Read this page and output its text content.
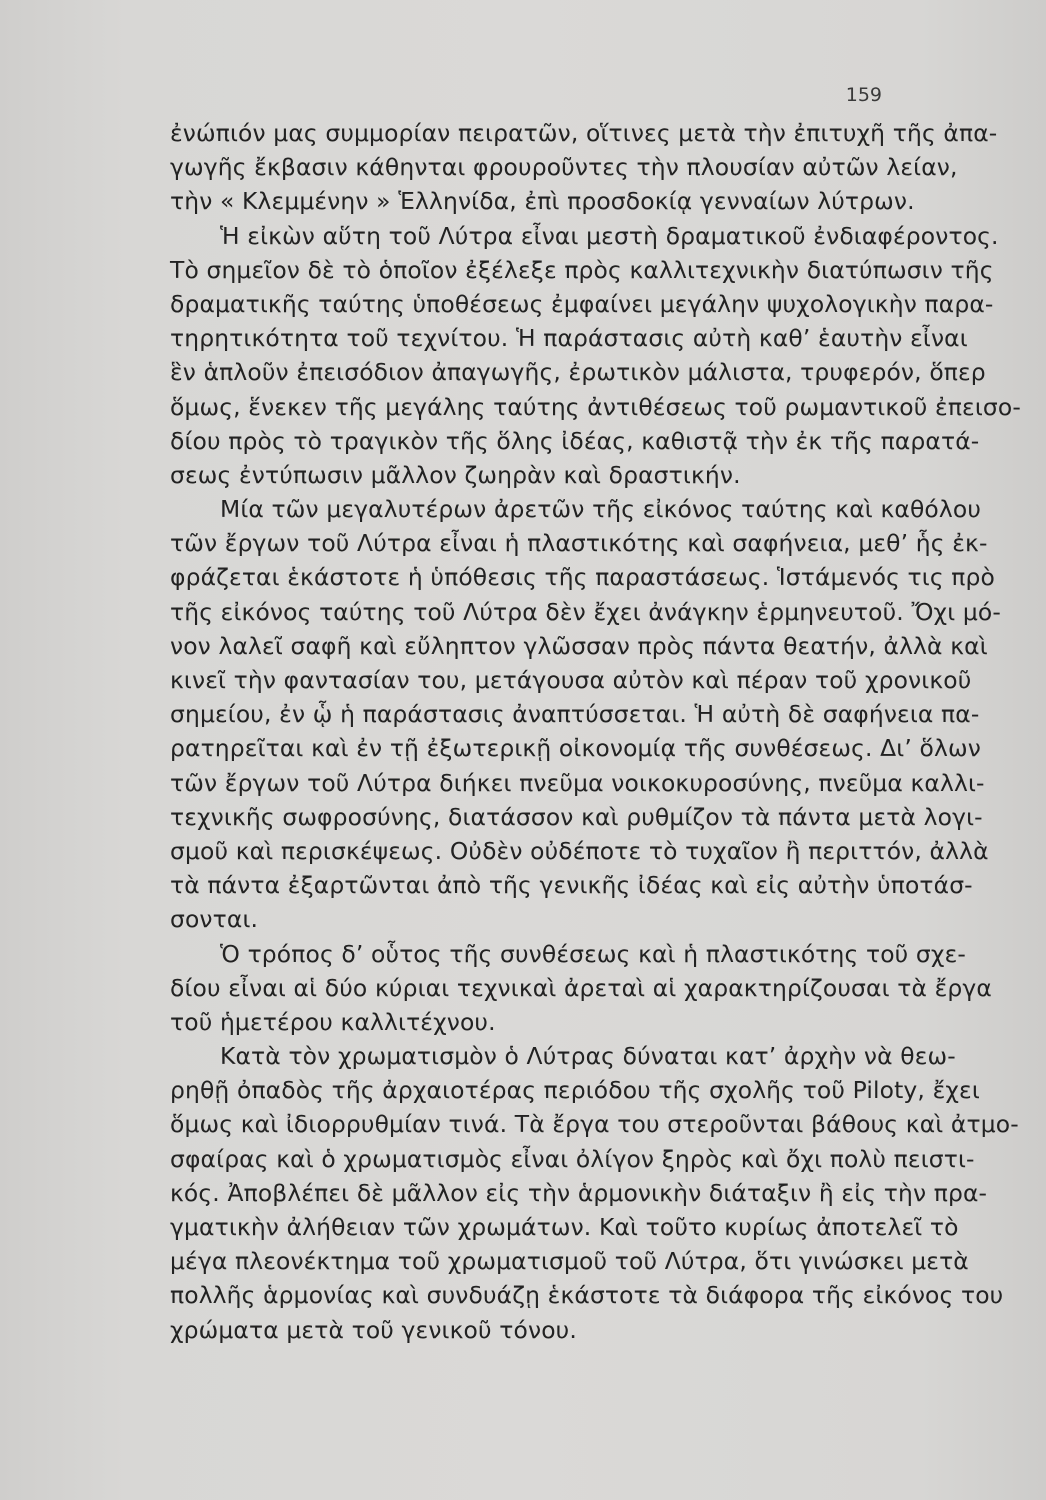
159
ἐνώπιόν μας συμμορίαν πειρατῶν, οἵτινες μετὰ τὴν ἐπιτυχῆ τῆς ἀπα-
γωγῆς ἔκβασιν κάθηνται φρουροῦντες τὴν πλουσίαν αὐτῶν λείαν,
τὴν « Κλεμμένην » Ἑλληνίδα, ἐπὶ προσδοκίᾳ γενναίων λύτρων.
Ἡ εἰκὼν αὕτη τοῦ Λύτρα εἶναι μεστὴ δραματικοῦ ἐνδιαφέροντος.
Τὸ σημεῖον δὲ τὸ ὁποῖον ἐξέλεξε πρὸς καλλιτεχνικὴν διατύπωσιν τῆς
δραματικῆς ταύτης ὑποθέσεως ἐμφαίνει μεγάλην ψυχολογικὴν παρα-
τηρητικότητα τοῦ τεχνίτου. Ἡ παράστασις αὐτὴ καθ’ ἑαυτὴν εἶναι
ἓν ἁπλοῦν ἐπεισόδιον ἀπαγωγῆς, ἐρωτικὸν μάλιστα, τρυφερόν, ὅπερ
ὅμως, ἕνεκεν τῆς μεγάλης ταύτης ἀντιθέσεως τοῦ ρωμαντικοῦ ἐπεισο-
δίου πρὸς τὸ τραγικὸν τῆς ὅλης ἰδέας, καθιστᾷ τὴν ἐκ τῆς παρατά-
σεως ἐντύπωσιν μᾶλλον ζωηρὰν καὶ δραστικήν.
Μία τῶν μεγαλυτέρων ἀρετῶν τῆς εἰκόνος ταύτης καὶ καθόλου
τῶν ἔργων τοῦ Λύτρα εἶναι ἡ πλαστικότης καὶ σαφήνεια, μεθ’ ἧς ἐκ-
φράζεται ἑκάστοτε ἡ ὑπόθεσις τῆς παραστάσεως. Ἱστάμενός τις πρὸ
τῆς εἰκόνος ταύτης τοῦ Λύτρα δὲν ἔχει ἀνάγκην ἑρμηνευτοῦ. Ὄχι μό-
νον λαλεῖ σαφῆ καὶ εὔληπτον γλῶσσαν πρὸς πάντα θεατήν, ἀλλὰ καὶ
κινεῖ τὴν φαντασίαν του, μετάγουσα αὐτὸν καὶ πέραν τοῦ χρονικοῦ
σημείου, ἐν ᾧ ἡ παράστασις ἀναπτύσσεται. Ἡ αὐτὴ δὲ σαφήνεια πα-
ρατηρεῖται καὶ ἐν τῇ ἐξωτερικῇ οἰκονομίᾳ τῆς συνθέσεως. Δι’ ὅλων
τῶν ἔργων τοῦ Λύτρα διήκει πνεῦμα νοικοκυροσύνης, πνεῦμα καλλι-
τεχνικῆς σωφροσύνης, διατάσσον καὶ ρυθμίζον τὰ πάντα μετὰ λογι-
σμοῦ καὶ περισκέψεως. Οὐδὲν οὐδέποτε τὸ τυχαῖον ἢ περιττόν, ἀλλὰ
τὰ πάντα ἐξαρτῶνται ἀπὸ τῆς γενικῆς ἰδέας καὶ εἰς αὐτὴν ὑποτάσ-
σονται.
Ὁ τρόπος δ’ οὗτος τῆς συνθέσεως καὶ ἡ πλαστικότης τοῦ σχε-
δίου εἶναι αἱ δύο κύριαι τεχνικαὶ ἀρεταὶ αἱ χαρακτηρίζουσαι τὰ ἔργα
τοῦ ἡμετέρου καλλιτέχνου.
Κατὰ τὸν χρωματισμὸν ὁ Λύτρας δύναται κατ’ ἀρχὴν νὰ θεω-
ρηθῇ ὀπαδὸς τῆς ἀρχαιοτέρας περιόδου τῆς σχολῆς τοῦ Piloty, ἔχει
ὅμως καὶ ἰδιορρυθμίαν τινά. Τὰ ἔργα του στεροῦνται βάθους καὶ ἀτμο-
σφαίρας καὶ ὁ χρωματισμὸς εἶναι ὀλίγον ξηρὸς καὶ ὄχι πολὺ πειστι-
κός. Ἀποβλέπει δὲ μᾶλλον εἰς τὴν ἁρμονικὴν διάταξιν ἢ εἰς τὴν πρα-
γματικὴν ἀλήθειαν τῶν χρωμάτων. Καὶ τοῦτο κυρίως ἀποτελεῖ τὸ
μέγα πλεονέκτημα τοῦ χρωματισμοῦ τοῦ Λύτρα, ὅτι γινώσκει μετὰ
πολλῆς ἁρμονίας καὶ συνδυάζῃ ἑκάστοτε τὰ διάφορα τῆς εἰκόνος του
χρώματα μετὰ τοῦ γενικοῦ τόνου.
